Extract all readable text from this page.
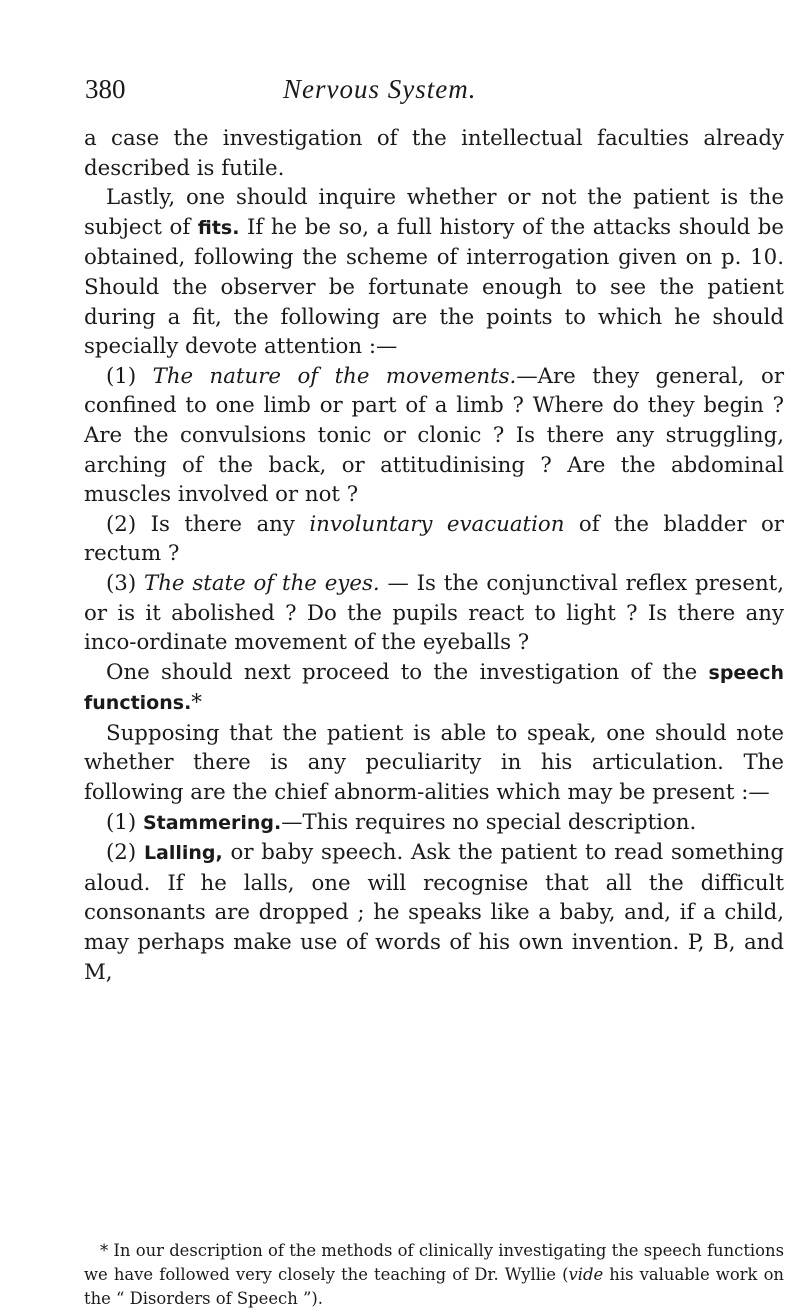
380	Nervous System.

a case the investigation of the intellectual faculties already described is futile.

Lastly, one should inquire whether or not the patient is the subject of fits. If he be so, a full history of the attacks should be obtained, following the scheme of interrogation given on p. 10. Should the observer be fortunate enough to see the patient during a fit, the following are the points to which he should specially devote attention :—

(1) The nature of the movements.—Are they general, or confined to one limb or part of a limb ? Where do they begin ? Are the convulsions tonic or clonic ? Is there any struggling, arching of the back, or attitudinising ? Are the abdominal muscles involved or not ?

(2) Is there any involuntary evacuation of the bladder or rectum ?

(3) The state of the eyes. — Is the conjunctival reflex present, or is it abolished ? Do the pupils react to light ? Is there any inco-ordinate movement of the eyeballs ?

One should next proceed to the investigation of the speech functions.*

Supposing that the patient is able to speak, one should note whether there is any peculiarity in his articulation. The following are the chief abnorm-alities which may be present :—

(1) Stammering.—This requires no special description.

(2) Lalling, or baby speech. Ask the patient to read something aloud. If he lalls, one will recognise that all the difficult consonants are dropped ; he speaks like a baby, and, if a child, may perhaps make use of words of his own invention. P, B, and M,

* In our description of the methods of clinically investigating the speech functions we have followed very closely the teaching of Dr. Wyllie (vide his valuable work on the “ Disorders of Speech ”).
